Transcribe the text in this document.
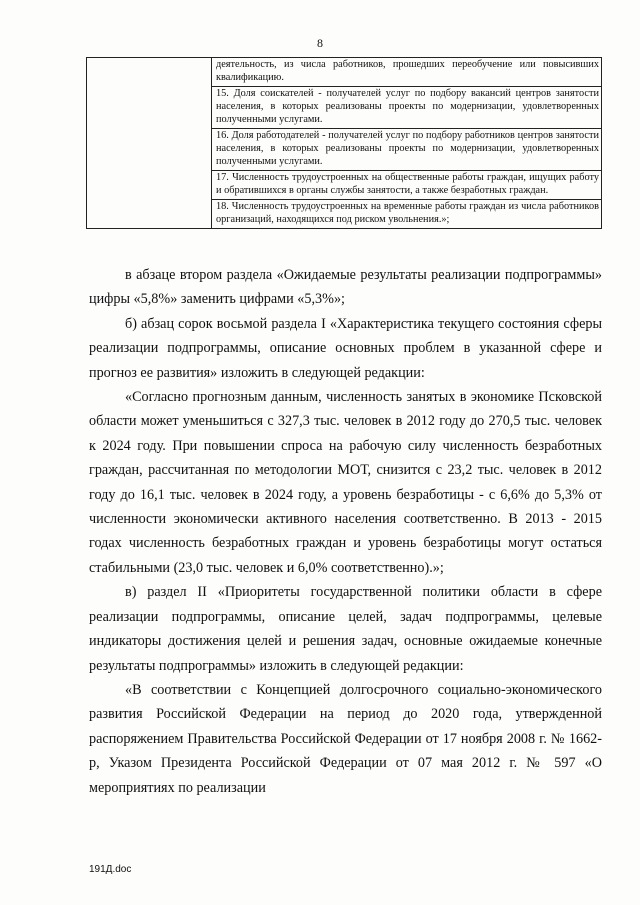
8

деятельность, из числа работников, прошедших переобучение или повысивших квалификацию.

15. Доля соискателей - получателей услуг по подбору вакансий центров занятости населения, в которых реализованы проекты по модернизации, удовлетворенных полученными услугами.

16. Доля работодателей - получателей услуг по подбору работников центров занятости населения, в которых реализованы проекты по модернизации, удовлетворенных полученными услугами.

17. Численность трудоустроенных на общественные работы граждан, ищущих работу и обратившихся в органы службы занятости, а также безработных граждан.

18. Численность трудоустроенных на временные работы граждан из числа работников организаций, находящихся под риском увольнения.»;

в абзаце втором раздела «Ожидаемые результаты реализации подпрограммы» цифры «5,8%» заменить цифрами «5,3%»;

б) абзац сорок восьмой раздела I «Характеристика текущего состояния сферы реализации подпрограммы, описание основных проблем в указанной сфере и прогноз ее развития» изложить в следующей редакции:

«Согласно прогнозным данным, численность занятых в экономике Псковской области может уменьшиться с 327,3 тыс. человек в 2012 году до 270,5 тыс. человек к 2024 году. При повышении спроса на рабочую силу численность безработных граждан, рассчитанная по методологии МОТ, снизится с 23,2 тыс. человек в 2012 году до 16,1 тыс. человек в 2024 году, а уровень безработицы - с 6,6% до 5,3% от численности экономически активного населения соответственно. В 2013 - 2015 годах численность безработных граждан и уровень безработицы могут остаться стабильными (23,0 тыс. человек и 6,0% соответственно).»;

в) раздел II «Приоритеты государственной политики области в сфере реализации подпрограммы, описание целей, задач подпрограммы, целевые индикаторы достижения целей и решения задач, основные ожидаемые конечные результаты подпрограммы» изложить в следующей редакции:

«В соответствии с Концепцией долгосрочного социально-экономического развития Российской Федерации на период до 2020 года, утвержденной распоряжением Правительства Российской Федерации от 17 ноября 2008 г. № 1662-р, Указом Президента Российской Федерации от 07 мая 2012 г. № 597 «О мероприятиях по реализации

191Д.doc
